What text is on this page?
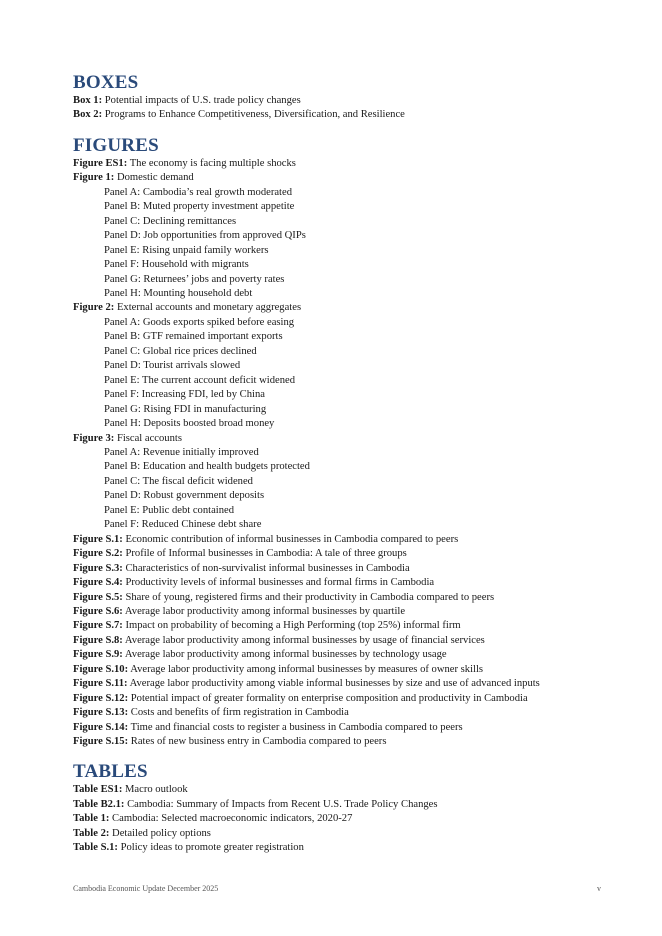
BOXES
Box 1: Potential impacts of U.S. trade policy changes
Box 2: Programs to Enhance Competitiveness, Diversification, and Resilience
FIGURES
Figure ES1: The economy is facing multiple shocks
Figure 1: Domestic demand
Panel A: Cambodia’s real growth moderated
Panel B: Muted property investment appetite
Panel C: Declining remittances
Panel D: Job opportunities from approved QIPs
Panel E: Rising unpaid family workers
Panel F: Household with migrants
Panel G: Returnees’ jobs and poverty rates
Panel H: Mounting household debt
Figure 2: External accounts and monetary aggregates
Panel A: Goods exports spiked before easing
Panel B: GTF remained important exports
Panel C: Global rice prices declined
Panel D: Tourist arrivals slowed
Panel E: The current account deficit widened
Panel F: Increasing FDI, led by China
Panel G: Rising FDI in manufacturing
Panel H: Deposits boosted broad money
Figure 3: Fiscal accounts
Panel A: Revenue initially improved
Panel B: Education and health budgets protected
Panel C: The fiscal deficit widened
Panel D: Robust government deposits
Panel E: Public debt contained
Panel F: Reduced Chinese debt share
Figure S.1: Economic contribution of informal businesses in Cambodia compared to peers
Figure S.2: Profile of Informal businesses in Cambodia: A tale of three groups
Figure S.3: Characteristics of non-survivalist informal businesses in Cambodia
Figure S.4: Productivity levels of informal businesses and formal firms in Cambodia
Figure S.5: Share of young, registered firms and their productivity in Cambodia compared to peers
Figure S.6: Average labor productivity among informal businesses by quartile
Figure S.7: Impact on probability of becoming a High Performing (top 25%) informal firm
Figure S.8: Average labor productivity among informal businesses by usage of financial services
Figure S.9: Average labor productivity among informal businesses by technology usage
Figure S.10: Average labor productivity among informal businesses by measures of owner skills
Figure S.11: Average labor productivity among viable informal businesses by size and use of advanced inputs
Figure S.12: Potential impact of greater formality on enterprise composition and productivity in Cambodia
Figure S.13: Costs and benefits of firm registration in Cambodia
Figure S.14: Time and financial costs to register a business in Cambodia compared to peers
Figure S.15: Rates of new business entry in Cambodia compared to peers
TABLES
Table ES1: Macro outlook
Table B2.1: Cambodia: Summary of Impacts from Recent U.S. Trade Policy Changes
Table 1: Cambodia: Selected macroeconomic indicators, 2020-27
Table 2: Detailed policy options
Table S.1: Policy ideas to promote greater registration
Cambodia Economic Update December 2025	v
